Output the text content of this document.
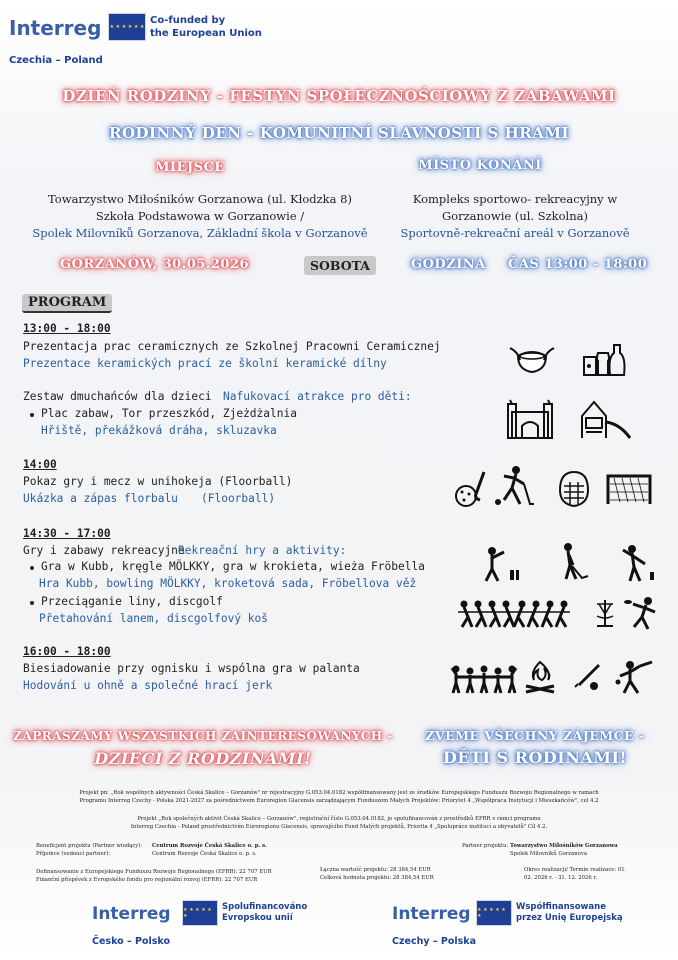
Interreg ★ ★ ★ ★ ★ ★
Co-funded by
the European Union
Czechia – Poland
DZIEŃ RODZINY - FESTYN SPOŁECZNOŚCIOWY Z ZABAWAMI
RODINNÝ DEN - KOMUNITNÍ SLAVNOSTI S HRAMI
MIEJSCE	MÍSTO KONÁNÍ
Towarzystwo Miłośników Gorzanowa (ul. Kłodzka 8)
Szkoła Podstawowa w Gorzanowie /
Spolek Milovníků Gorzanova, Základní škola v Gorzanově
Kompleks sportowo- rekreacyjny w
Gorzanowie (ul. Szkolna)
Sportovně-rekreační areál v Gorzanově
GORZANÓW, 30.05.2026	SOBOTA	GODZINA ČAS 13:00 - 18:00
PROGRAM
13:00 - 18:00
Prezentacja prac ceramicznych ze Szkolnej Pracowni Ceramicznej
Prezentace keramických prací ze školní keramické dílny
Zestaw dmuchańców dla dzieci Nafukovací atrakce pro děti:
Plac zabaw, Tor przeszkód, Zjeżdżalnia
Hřiště, překážková dráha, skluzavka
14:00
Pokaz gry i mecz w unihokeja (Floorball)
Ukázka a zápas florbalu (Floorball)
14:30 - 17:00
Gry i zabawy rekreacyjne
Rekreační hry a aktivity:
Gra w Kubb, kręgle MÖLKKY, gra w krokieta, wieża Fröbella
Hra Kubb, bowling MÖLKKY, kroketová sada, Fröbellova věž
Przeciąganie liny, discgolf
Přetahování lanem, discgolfový koš
16:00 - 18:00
Biesiadowanie przy ognisku i wspólna gra w palanta
Hodování u ohně a společné hrací jerk
ZAPRASZAMY WSZYSTKICH ZAINTERESOWANYCH -
DZIECI Z RODZINAMI!
ZVEME VŠECHNY ZÁJEMCE -
DĚTI S RODINAMI!
Projekt pn: „Rok wspólnych aktywności Česká Skalice – Gorzanów" nr rejestracyjny G.053.04.0182 współfinansowany jest ze środków Europejskiego Funduszu Rozwoju Regionalnego w ramach
Programu Interreg Czechy - Polska 2021-2027 za pośrednictwem Euroregion Glacensis zarządzającym Funduszem Małych Projektów; Priorytet 4 „Współpraca Instytucji i Mieszkańców", cel 4.2
Projekt „Rok společných aktivit Česká Skalice – Gorzanów", registrační číslo G.053.04.0182, je spolufinancován z prostředků EFRR v rámci programu
Interreg Czechia - Poland prostřednictvím Euroregionu Glacensis, spravujícího Fond Malých projektů, Priorita 4 „Spolupráce institucí a obyvatelů" Cíl 4.2.
Beneficjent projektu (Partner wiodący): Centrum Rozvoje Česká Skalice o. p. s.
Příjemce (vedoucí partner):	Centrum Rozvoje Česká Skalice o. p. s.
Partner projektu: Towarzystwo Miłośników Gorzanowa
Spolek Milovníků Gorzanova
Dofinansowanie z Europejskiego Funduszu Rozwoju Regionalnego (EFRR): 22 707 EUR
Finanční příspěvek z Evropského fondu pro regionální rozvoj (EFRR): 22 707 EUR
Łączna wartość projektu: 28 384,54 EUR
Celková hodnota projektu: 28 384,54 EUR
Okres realizacji/ Termín realizace: 01.
02. 2026 r. - 31. 12. 2026 r.
Interreg ★ ★ ★ ★ ★ ★
Spolufinancováno
Evropskou unií
Česko – Polsko
Interreg ★ ★ ★ ★ ★ ★
Współfinansowane
przez Unię Europejską
Czechy – Polska
